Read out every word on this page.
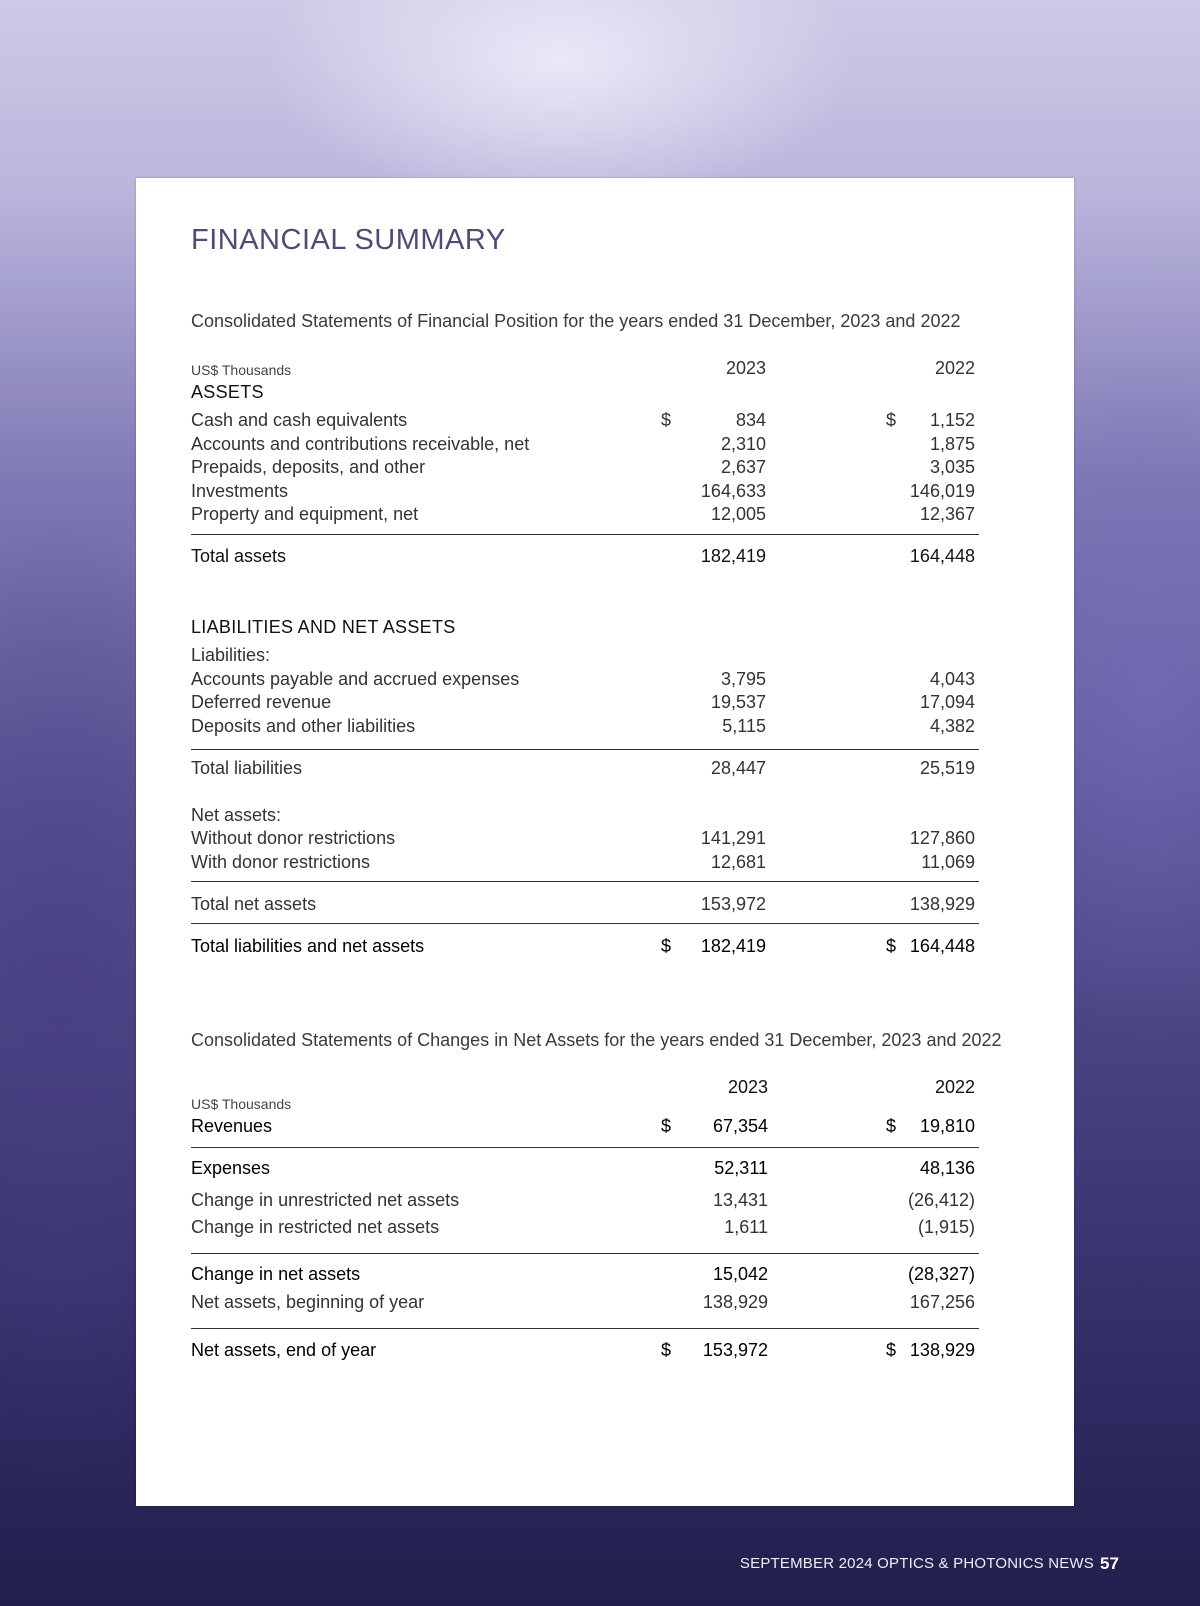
FINANCIAL SUMMARY
Consolidated Statements of Financial Position for the years ended 31 December, 2023 and 2022
US$ Thousands	2023	2022
ASSETS
Cash and cash equivalents	$	834	$ 1,152
Accounts and contributions receivable, net	2,310	1,875
Prepaids, deposits, and other	2,637	3,035
Investments	164,633	146,019
Property and equipment, net	12,005	12,367
Total assets	182,419	164,448
LIABILITIES AND NET ASSETS
Liabilities:
Accounts payable and accrued expenses	3,795	4,043
Deferred revenue	19,537	17,094
Deposits and other liabilities	5,115	4,382
Total liabilities	28,447	25,519
Net assets:
Without donor restrictions	141,291	127,860
With donor restrictions	12,681	11,069
Total net assets	153,972	138,929
Total liabilities and net assets	$ 182,419	$ 164,448
Consolidated Statements of Changes in Net Assets for the years ended 31 December, 2023 and 2022
2023	2022
US$ Thousands
Revenues	$ 67,354	$ 19,810
Expenses	52,311	48,136
Change in unrestricted net assets	13,431	(26,412)
Change in restricted net assets	1,611	(1,915)
Change in net assets	15,042	(28,327)
Net assets, beginning of year	138,929	167,256
Net assets, end of year	$ 153,972	$ 138,929
SEPTEMBER 2024 OPTICS & PHOTONICS NEWS 57
